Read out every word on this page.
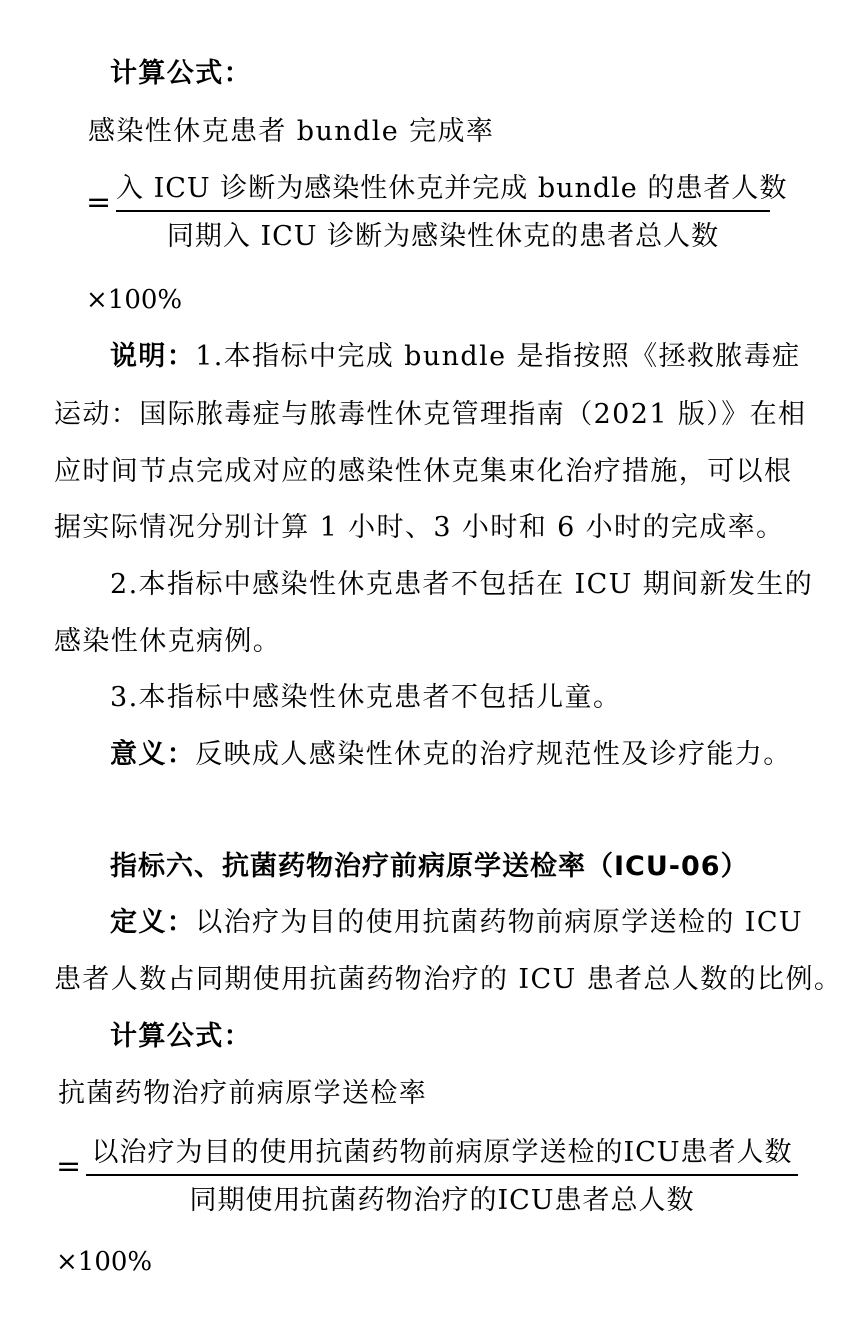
计算公式：
感染性休克患者 bundle 完成率
= 入 ICU 诊断为感染性休克并完成 bundle 的患者人数
同期入 ICU 诊断为感染性休克的患者总人数
×100%
说明：1.本指标中完成 bundle 是指按照《拯救脓毒症
运动：国际脓毒症与脓毒性休克管理指南（2021 版）》在相
应时间节点完成对应的感染性休克集束化治疗措施，可以根
据实际情况分别计算 1 小时、3 小时和 6 小时的完成率。
2.本指标中感染性休克患者不包括在 ICU 期间新发生的
感染性休克病例。
3.本指标中感染性休克患者不包括儿童。
意义：反映成人感染性休克的治疗规范性及诊疗能力。
指标六、抗菌药物治疗前病原学送检率（ICU-06）
定义：以治疗为目的使用抗菌药物前病原学送检的 ICU
患者人数占同期使用抗菌药物治疗的 ICU 患者总人数的比例。
计算公式：
抗菌药物治疗前病原学送检率
= 以治疗为目的使用抗菌药物前病原学送检的ICU患者人数
同期使用抗菌药物治疗的ICU患者总人数
×100%
